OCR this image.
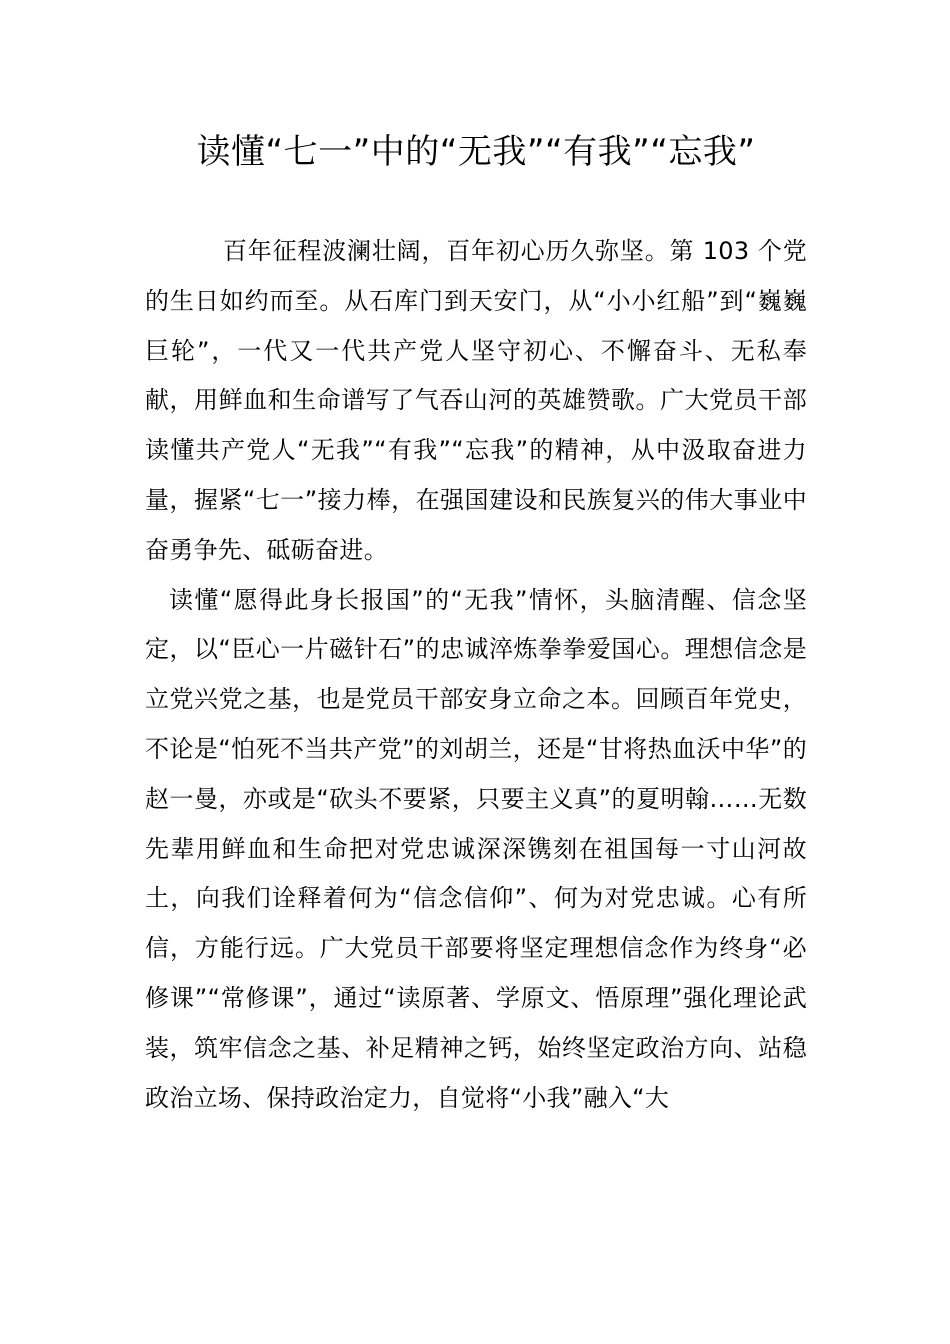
读懂“七一”中的“无我”“有我”“忘我”

百年征程波澜壮阔，百年初心历久弥坚。第 103 个党的生日如约而至。从石库门到天安门，从“小小红船”到“巍巍巨轮”，一代又一代共产党人坚守初心、不懈奋斗、无私奉献，用鲜血和生命谱写了气吞山河的英雄赞歌。广大党员干部读懂共产党人“无我”“有我”“忘我”的精神，从中汲取奋进力量，握紧“七一”接力棒，在强国建设和民族复兴的伟大事业中奋勇争先、砥砺奋进。

读懂“愿得此身长报国”的“无我”情怀，头脑清醒、信念坚定，以“臣心一片磁针石”的忠诚淬炼拳拳爱国心。理想信念是立党兴党之基，也是党员干部安身立命之本。回顾百年党史，不论是“怕死不当共产党”的刘胡兰，还是“甘将热血沃中华”的赵一曼，亦或是“砍头不要紧，只要主义真”的夏明翰……无数先辈用鲜血和生命把对党忠诚深深镌刻在祖国每一寸山河故土，向我们诠释着何为“信念信仰”、何为对党忠诚。心有所信，方能行远。广大党员干部要将坚定理想信念作为终身“必修课”“常修课”，通过“读原著、学原文、悟原理”强化理论武装，筑牢信念之基、补足精神之钙，始终坚定政治方向、站稳政治立场、保持政治定力，自觉将“小我”融入“大
